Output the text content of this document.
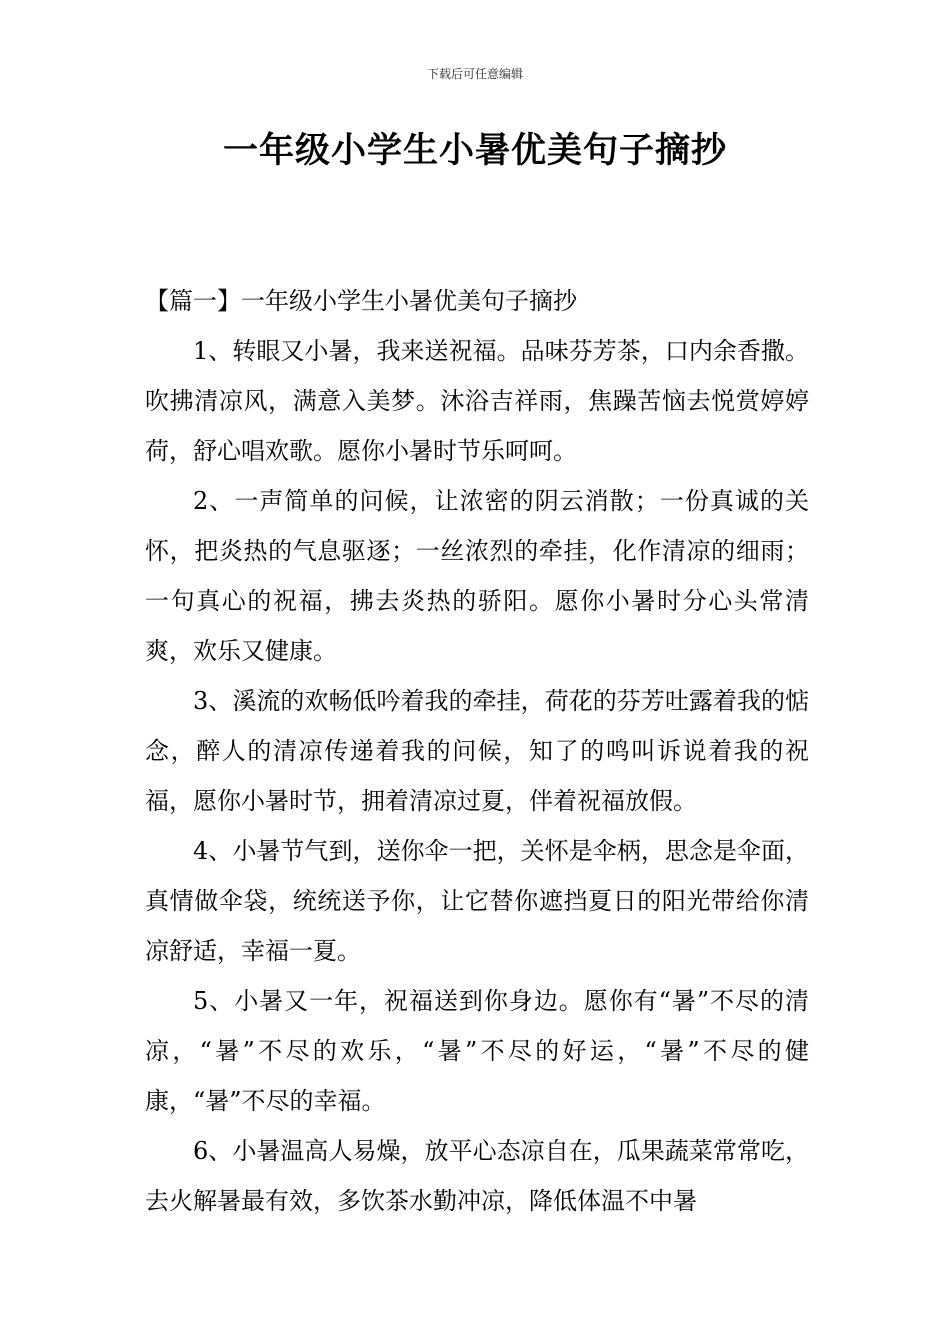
下载后可任意编辑
一年级小学生小暑优美句子摘抄

【篇一】一年级小学生小暑优美句子摘抄

1、转眼又小暑，我来送祝福。品味芬芳茶，口内余香撒。吹拂清凉风，满意入美梦。沐浴吉祥雨，焦躁苦恼去悦赏婷婷荷，舒心唱欢歌。愿你小暑时节乐呵呵。

2、一声简单的问候，让浓密的阴云消散；一份真诚的关怀，把炎热的气息驱逐；一丝浓烈的牵挂，化作清凉的细雨；一句真心的祝福，拂去炎热的骄阳。愿你小暑时分心头常清爽，欢乐又健康。

3、溪流的欢畅低吟着我的牵挂，荷花的芬芳吐露着我的惦念，醉人的清凉传递着我的问候，知了的鸣叫诉说着我的祝福，愿你小暑时节，拥着清凉过夏，伴着祝福放假。

4、小暑节气到，送你伞一把，关怀是伞柄，思念是伞面，真情做伞袋，统统送予你，让它替你遮挡夏日的阳光带给你清凉舒适，幸福一夏。

5、小暑又一年，祝福送到你身边。愿你有“暑”不尽的清凉，“暑”不尽的欢乐，“暑”不尽的好运，“暑”不尽的健康，“暑”不尽的幸福。

6、小暑温高人易燥，放平心态凉自在，瓜果蔬菜常常吃，去火解暑最有效，多饮茶水勤冲凉，降低体温不中暑
